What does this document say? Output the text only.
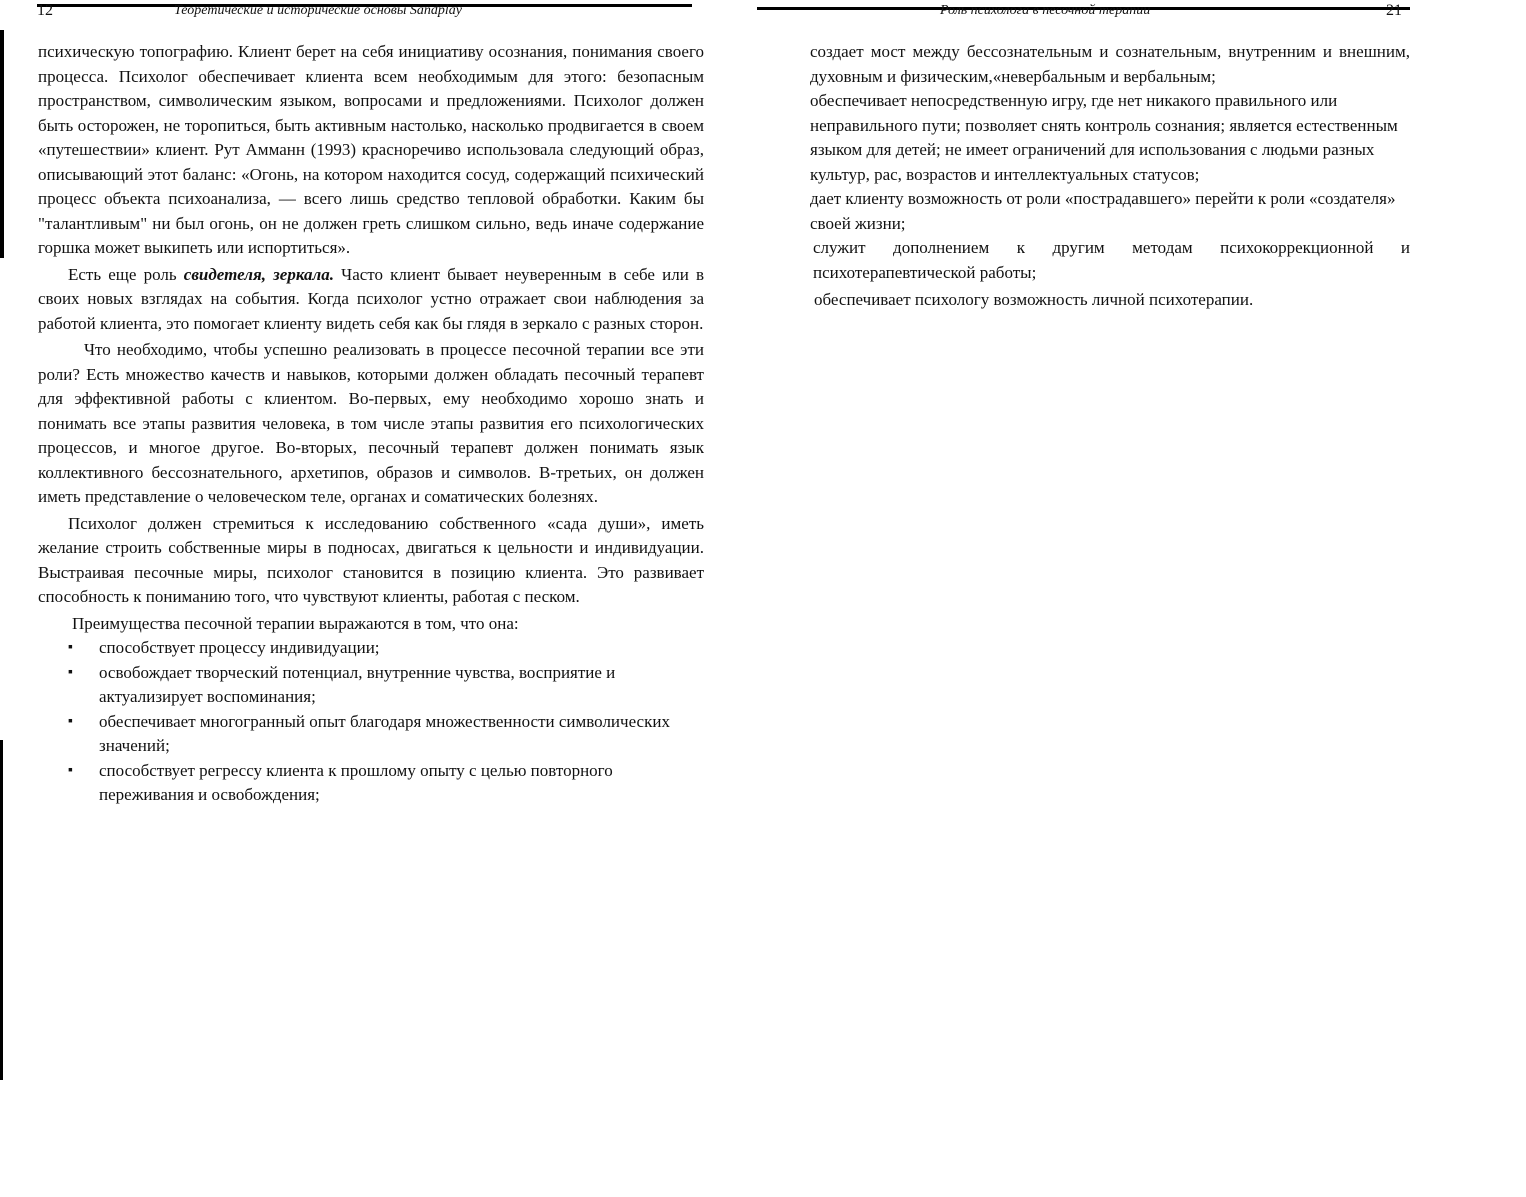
12	Теоретические и исторические основы Sandplay

психическую топографию. Клиент берет на себя инициативу осознания, понимания своего процесса. Психолог обеспечивает клиента всем необходимым для этого: безопасным пространством, символическим языком, вопросами и предложениями. Психолог должен быть осторожен, не торопиться, быть активным настолько, насколько продвигается в своем «путешествии» клиент. Рут Амманн (1993) красноречиво использовала следующий образ, описывающий этот баланс: «Огонь, на котором находится сосуд, содержащий психический процесс объекта психоанализа, — всего лишь средство тепловой обработки. Каким бы "талантливым" ни был огонь, он не должен греть слишком сильно, ведь иначе содержание горшка может выкипеть или испортиться».

Есть еще роль свидетеля, зеркала. Часто клиент бывает неуверенным в себе или в своих новых взглядах на события. Когда психолог устно отражает свои наблюдения за работой клиента, это помогает клиенту видеть себя как бы глядя в зеркало с разных сторон.

Что необходимо, чтобы успешно реализовать в процессе песочной терапии все эти роли? Есть множество качеств и навыков, которыми должен обладать песочный терапевт для эффективной работы с клиентом. Во-первых, ему необходимо хорошо знать и понимать все этапы развития человека, в том числе этапы развития его психологических процессов, и многое другое. Во-вторых, песочный терапевт должен понимать язык коллективного бессознательного, архетипов, образов и символов. В-третьих, он должен иметь представление о человеческом теле, органах и соматических болезнях.

Психолог должен стремиться к исследованию собственного «сада души», иметь желание строить собственные миры в подносах, двигаться к цельности и индивидуации. Выстраивая песочные миры, психолог становится в позицию клиента. Это развивает способность к пониманию того, что чувствуют клиенты, работая с песком.

Преимущества песочной терапии выражаются в том, что она:

▪ способствует процессу индивидуации;
▪ освобождает творческий потенциал, внутренние чувства, восприятие и актуализирует воспоминания;
▪ обеспечивает многогранный опыт благодаря множественности символических значений;
▪ способствует регрессу клиента к прошлому опыту с целью повторного переживания и освобождения;
Роль психолога в песочной терапии	21

создает мост между бессознательным и сознательным, внутренним и внешним, духовным и физическим,«невербальным и вербальным;

обеспечивает непосредственную игру, где нет никакого правильного или неправильного пути; позволяет снять контроль сознания; является естественным языком для детей; не имеет ограничений для использования с людьми разных культур, рас, возрастов и интеллектуальных статусов;

дает клиенту возможность от роли «пострадавшего» перейти к роли «создателя» своей жизни;

служит дополнением к другим методам психокоррекционной и психотерапевтической работы;

обеспечивает психологу возможность личной психотерапии.
